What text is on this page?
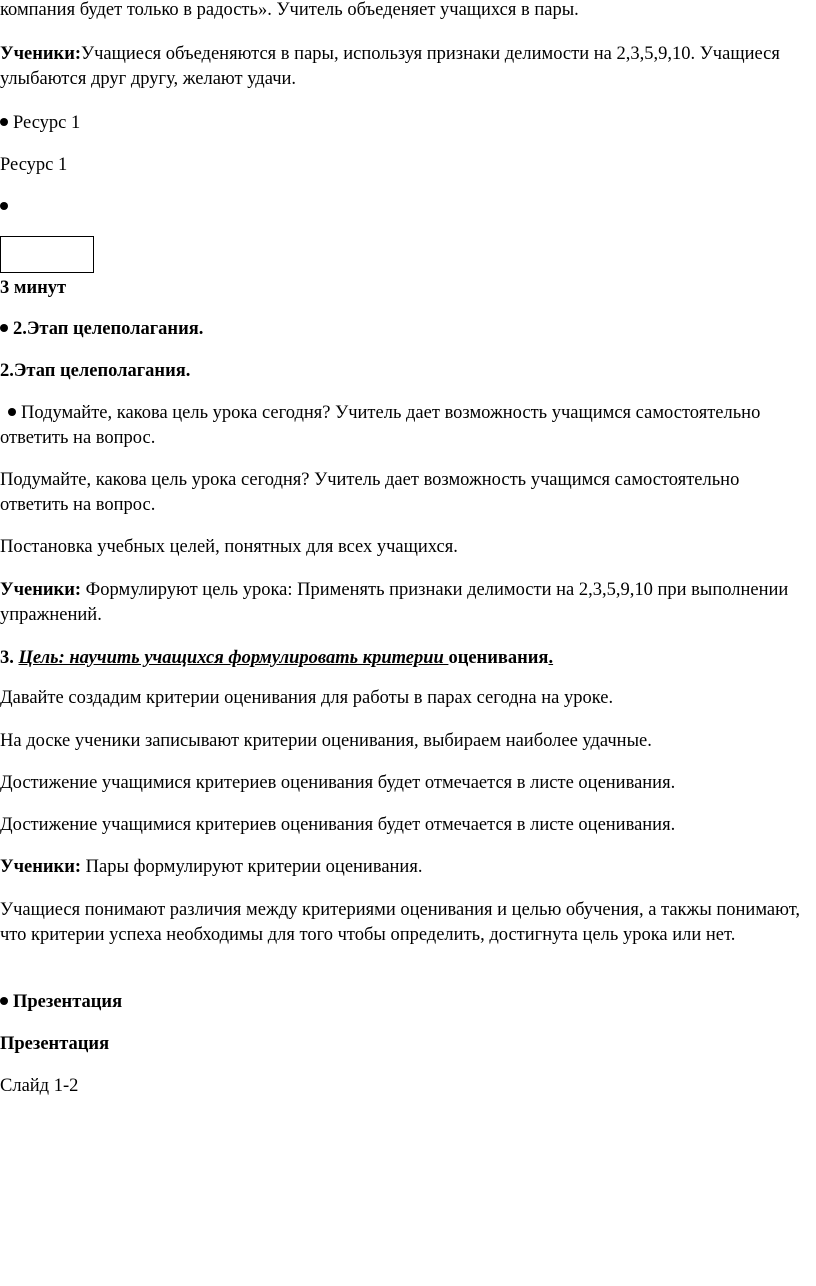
компания будет только в радость». Учитель объеденяет учащихся в пары.
Ученики:Учащиеся объеденяются в пары, используя признаки делимости на 2,3,5,9,10. Учащиеся улыбаются друг другу, желают удачи.
Ресурс 1
Ресурс 1
3 минут
2.Этап целеполагания.
2.Этап целеполагания.
Подумайте, какова цель урока сегодня? Учитель дает возможность учащимся самостоятельно ответить на вопрос.
Подумайте, какова цель урока сегодня? Учитель дает возможность учащимся самостоятельно ответить на вопрос.
Постановка учебных целей, понятных для всех учащихся.
Ученики: Формулируют цель урока: Применять признаки делимости на 2,3,5,9,10 при выполнении упражнений.
3. Цель: научить учащихся формулировать критерии оценивания.
Давайте создадим критерии оценивания для работы в парах сегодна на уроке.
На доске ученики записывают критерии оценивания, выбираем наиболее удачные.
Достижение учащимися критериев оценивания будет отмечается в листе оценивания.
Достижение учащимися критериев оценивания будет отмечается в листе оценивания.
Ученики: Пары формулируют критерии оценивания.
Учащиеся понимают различия между критериями оценивания и целью обучения, а такжы понимают, что критерии успеха необходимы для того чтобы определить, достигнута цель урока или нет.
Презентация
Презентация
Слайд 1-2
